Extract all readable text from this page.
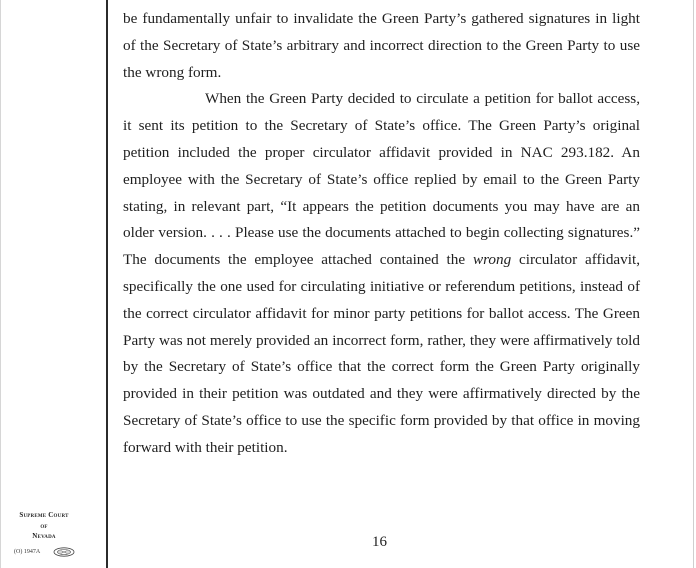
be fundamentally unfair to invalidate the Green Party’s gathered signatures in light of the Secretary of State’s arbitrary and incorrect direction to the Green Party to use the wrong form.

When the Green Party decided to circulate a petition for ballot access, it sent its petition to the Secretary of State’s office. The Green Party’s original petition included the proper circulator affidavit provided in NAC 293.182. An employee with the Secretary of State’s office replied by email to the Green Party stating, in relevant part, “It appears the petition documents you may have are an older version. . . . Please use the documents attached to begin collecting signatures.” The documents the employee attached contained the wrong circulator affidavit, specifically the one used for circulating initiative or referendum petitions, instead of the correct circulator affidavit for minor party petitions for ballot access. The Green Party was not merely provided an incorrect form, rather, they were affirmatively told by the Secretary of State’s office that the correct form the Green Party originally provided in their petition was outdated and they were affirmatively directed by the Secretary of State’s office to use the specific form provided by that office in moving forward with their petition.

Supreme Court
of
Nevada
(O) 1947A
16
